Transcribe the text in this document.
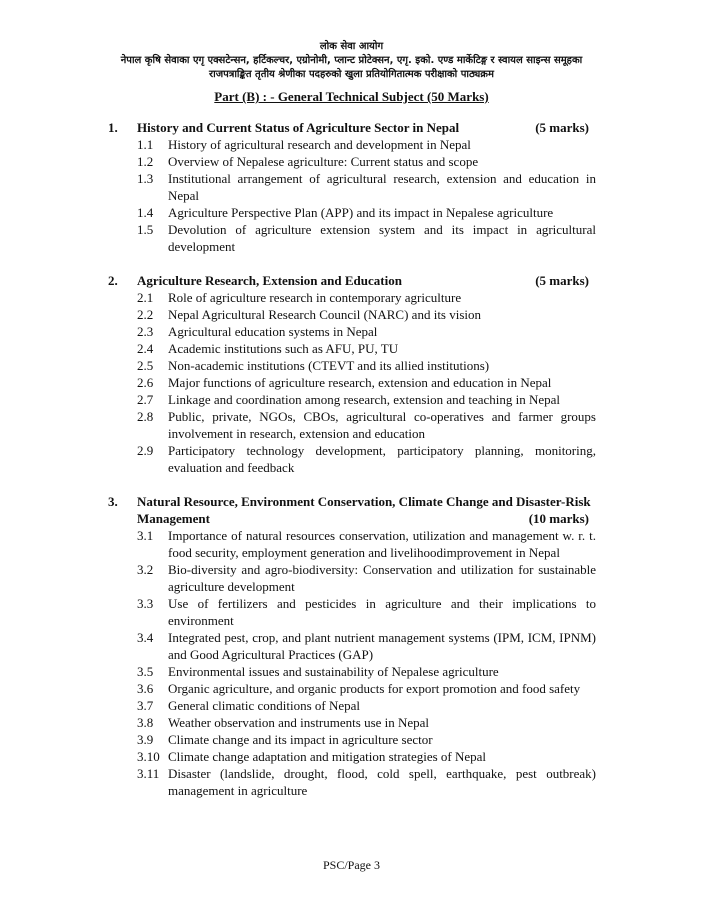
लोक सेवा आयोग
नेपाल कृषि सेवाका एगृ एक्सटेन्सन, हर्टिकल्चर, एग्रोनोमी, प्लान्ट प्रोटेक्सन, एगृ. इको. एण्ड मार्केटिङ्ग र स्वायल साइन्स समूहका
राजपत्राङ्कित तृतीय श्रेणीका पदहरुको खुला प्रतियोगितात्मक परीक्षाको पाठ्यक्रम
Part (B) : - General Technical Subject (50 Marks)
1.	History and Current Status of Agriculture Sector in Nepal	(5 marks)
1.1	History of agricultural research and development in Nepal
1.2	Overview of Nepalese agriculture: Current status and scope
1.3	Institutional arrangement of agricultural research, extension and education in Nepal
1.4	Agriculture Perspective Plan (APP) and its impact in Nepalese agriculture
1.5	Devolution of agriculture extension system and its impact in agricultural development
2.	Agriculture Research, Extension and Education	(5 marks)
2.1	Role of agriculture research in contemporary agriculture
2.2	Nepal Agricultural Research Council (NARC) and its vision
2.3	Agricultural education systems in Nepal
2.4	Academic institutions such as AFU, PU, TU
2.5	Non-academic institutions (CTEVT and its allied institutions)
2.6	Major functions of agriculture research, extension and education in Nepal
2.7	Linkage and coordination among research, extension and teaching in Nepal
2.8	Public, private, NGOs, CBOs, agricultural co-operatives and farmer groups involvement in research, extension and education
2.9	Participatory technology development, participatory planning, monitoring, evaluation and feedback
3.	Natural Resource, Environment Conservation, Climate Change and Disaster-Risk
Management	(10 marks)
3.1	Importance of natural resources conservation, utilization and management w. r. t. food security, employment generation and livelihoodimprovement in Nepal
3.2	Bio-diversity and agro-biodiversity: Conservation and utilization for sustainable agriculture development
3.3	Use of fertilizers and pesticides in agriculture and their implications to environment
3.4	Integrated pest, crop, and plant nutrient management systems (IPM, ICM, IPNM) and Good Agricultural Practices (GAP)
3.5	Environmental issues and sustainability of Nepalese agriculture
3.6	Organic agriculture, and organic products for export promotion and food safety
3.7	General climatic conditions of Nepal
3.8	Weather observation and instruments use in Nepal
3.9	Climate change and its impact in agriculture sector
3.10 Climate change adaptation and mitigation strategies of Nepal
3.11 Disaster (landslide, drought, flood, cold spell, earthquake, pest outbreak) management in agriculture
PSC/Page 3
